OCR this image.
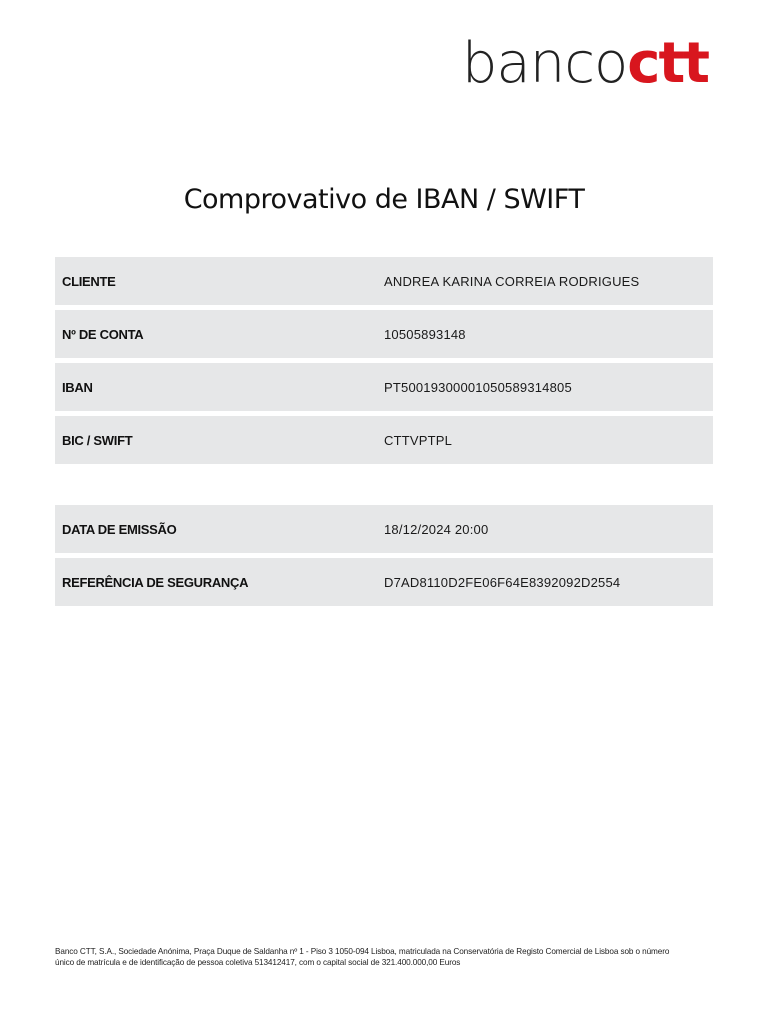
bancoctt
Comprovativo de IBAN / SWIFT
CLIENTE	ANDREA KARINA CORREIA RODRIGUES
Nº DE CONTA	10505893148
IBAN	PT50019300001050589314805
BIC / SWIFT	CTTVPTPL
DATA DE EMISSÃO	18/12/2024 20:00
REFERÊNCIA DE SEGURANÇA	D7AD8110D2FE06F64E8392092D2554

Banco CTT, S.A., Sociedade Anónima, Praça Duque de Saldanha nº 1 - Piso 3 1050-094 Lisboa, matriculada na Conservatória de Registo Comercial de Lisboa sob o número

único de matrícula e de identificação de pessoa coletiva 513412417, com o capital social de 321.400.000,00 Euros
